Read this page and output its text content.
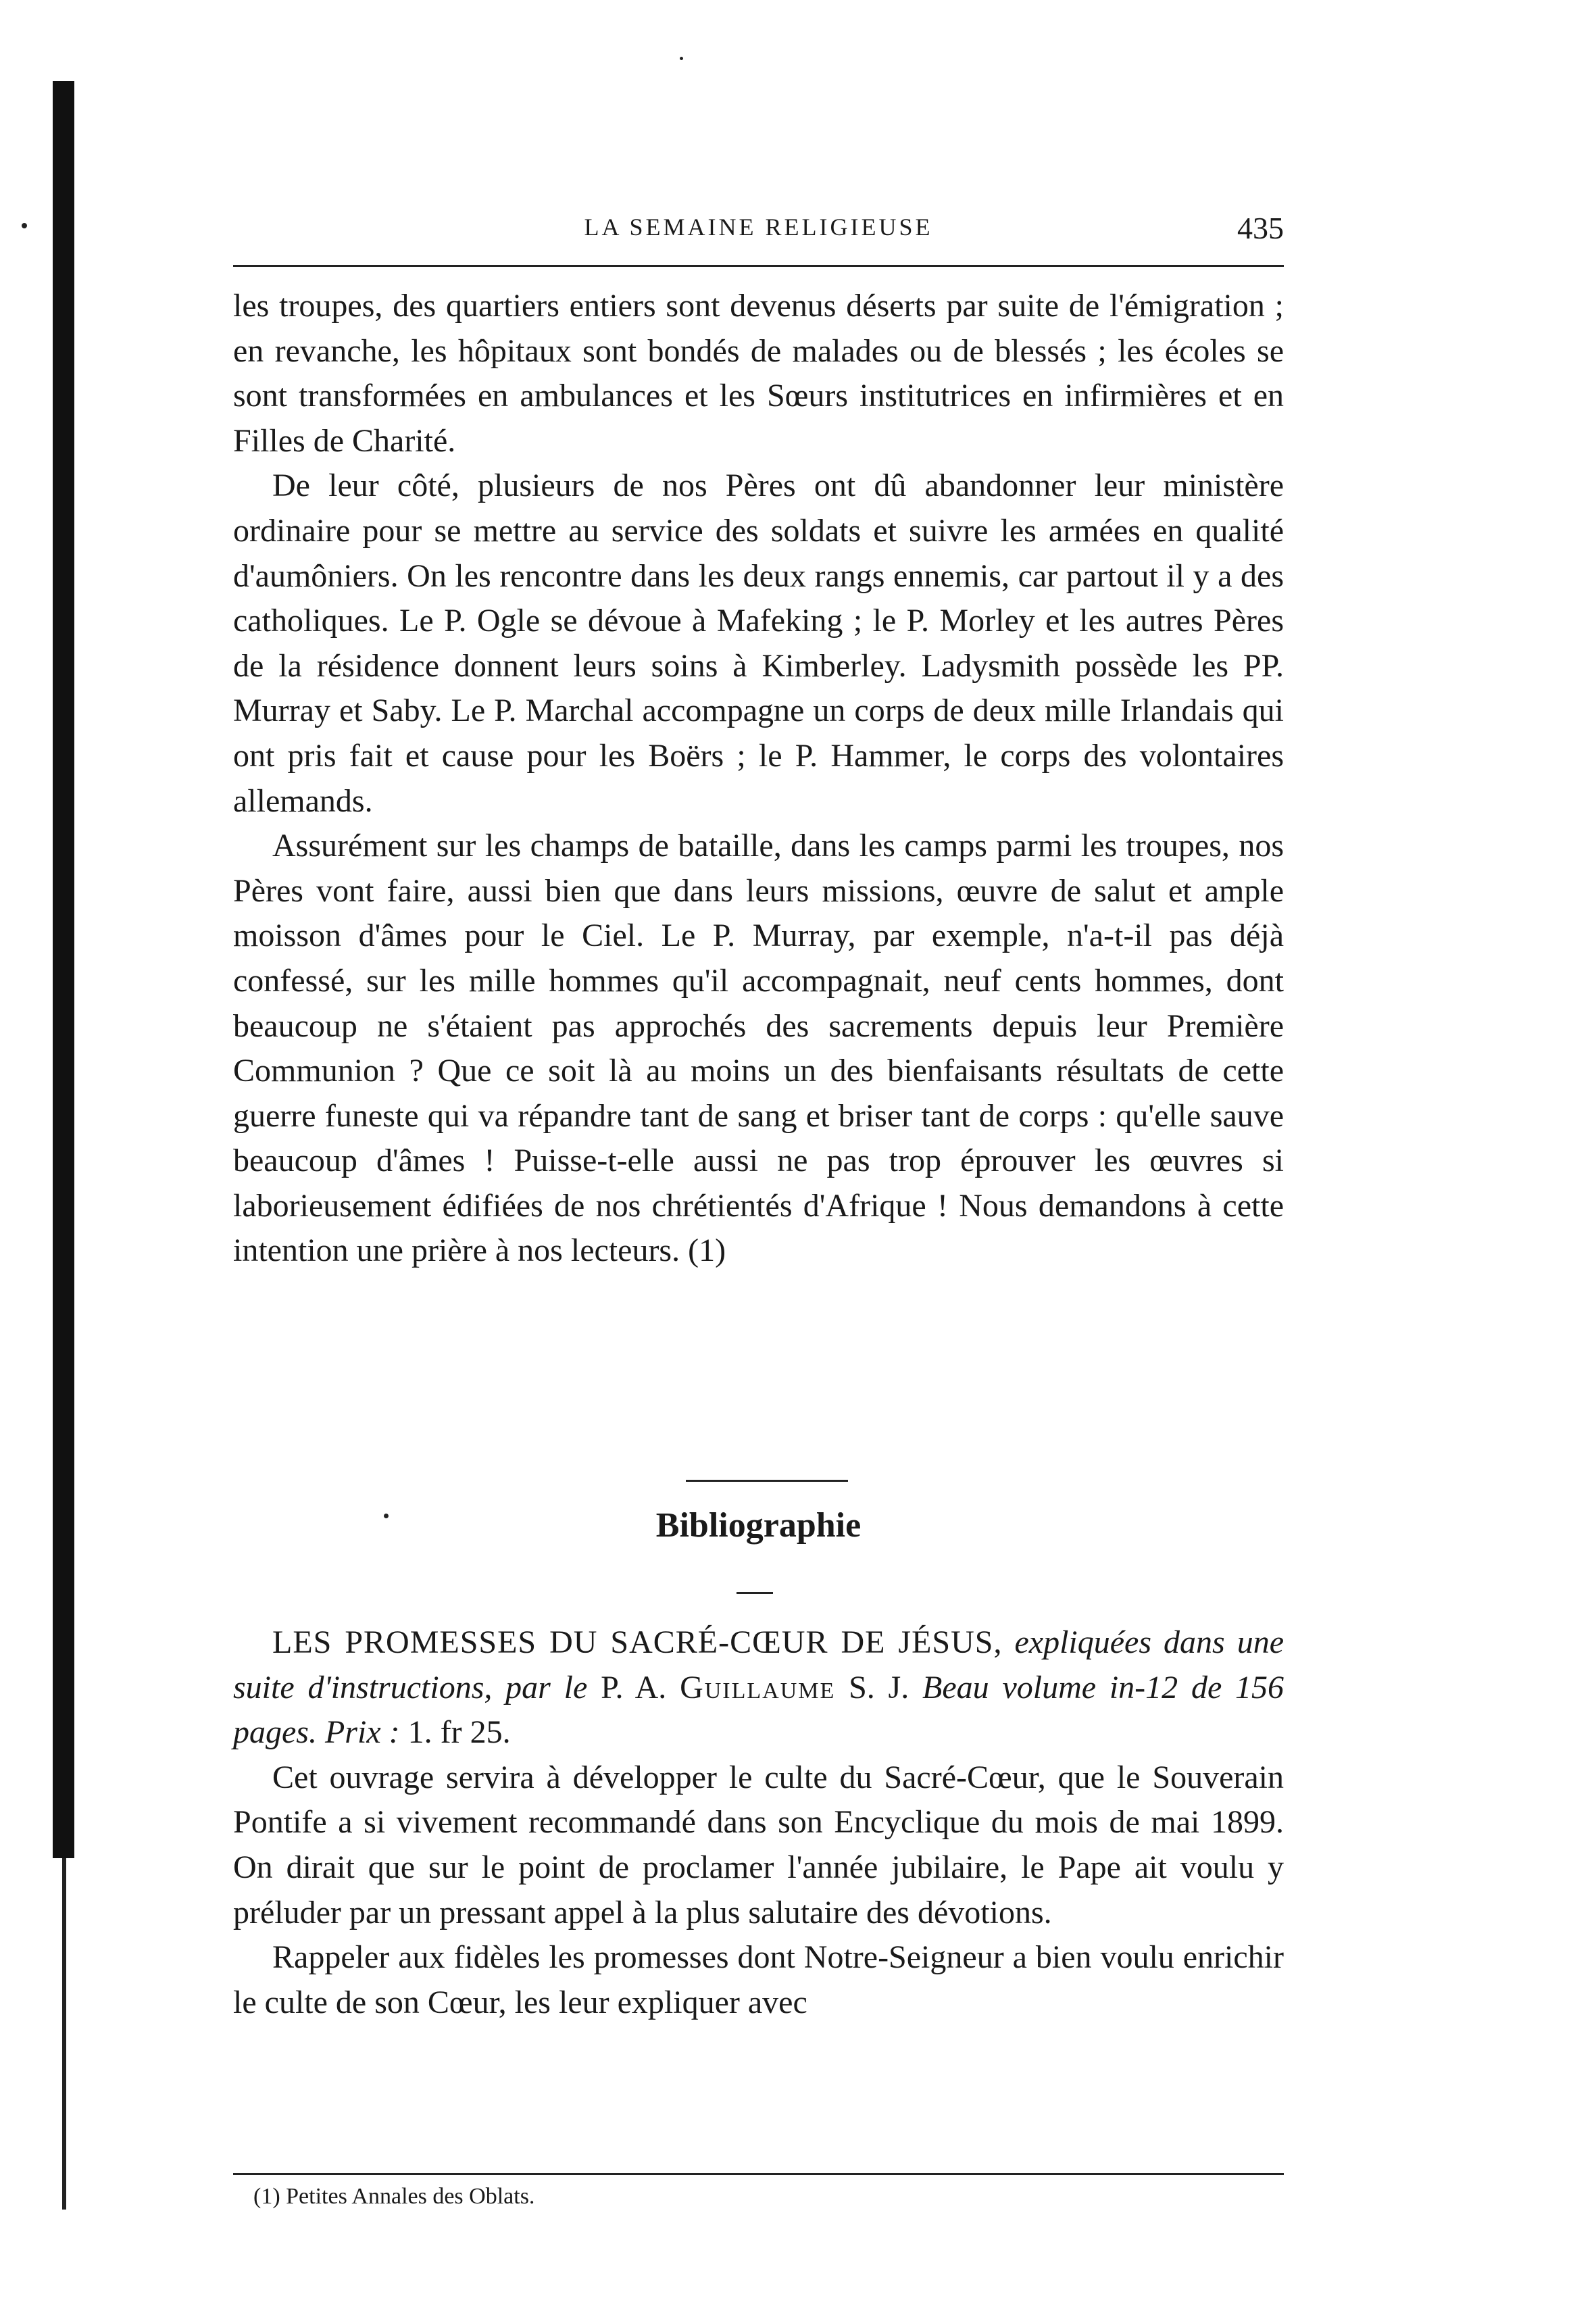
LA SEMAINE RELIGIEUSE	435

les troupes, des quartiers entiers sont devenus déserts par suite de l'émigration ; en revanche, les hôpitaux sont bondés de malades ou de blessés ; les écoles se sont transformées en ambulances et les Sœurs institutrices en infirmières et en Filles de Charité.

De leur côté, plusieurs de nos Pères ont dû abandonner leur ministère ordinaire pour se mettre au service des soldats et suivre les armées en qualité d'aumôniers. On les rencontre dans les deux rangs ennemis, car partout il y a des catholiques. Le P. Ogle se dévoue à Mafeking ; le P. Morley et les autres Pères de la résidence donnent leurs soins à Kimberley. Ladysmith possède les PP. Murray et Saby. Le P. Marchal accompagne un corps de deux mille Irlandais qui ont pris fait et cause pour les Boërs ; le P. Hammer, le corps des volontaires allemands.

Assurément sur les champs de bataille, dans les camps parmi les troupes, nos Pères vont faire, aussi bien que dans leurs missions, œuvre de salut et ample moisson d'âmes pour le Ciel. Le P. Murray, par exemple, n'a-t-il pas déjà confessé, sur les mille hommes qu'il accompagnait, neuf cents hommes, dont beaucoup ne s'étaient pas approchés des sacrements depuis leur Première Communion ? Que ce soit là au moins un des bienfaisants résultats de cette guerre funeste qui va répandre tant de sang et briser tant de corps : qu'elle sauve beaucoup d'âmes ! Puisse-t-elle aussi ne pas trop éprouver les œuvres si laborieusement édifiées de nos chrétientés d'Afrique ! Nous demandons à cette intention une prière à nos lecteurs. (1)

Bibliographie

LES PROMESSES DU SACRÉ-CŒUR DE JÉSUS, expliquées dans une suite d'instructions, par le P. A. Guillaume S. J. Beau volume in-12 de 156 pages. Prix : 1. fr 25.

Cet ouvrage servira à développer le culte du Sacré-Cœur, que le Souverain Pontife a si vivement recommandé dans son Encyclique du mois de mai 1899. On dirait que sur le point de proclamer l'année jubilaire, le Pape ait voulu y préluder par un pressant appel à la plus salutaire des dévotions.

Rappeler aux fidèles les promesses dont Notre-Seigneur a bien voulu enrichir le culte de son Cœur, les leur expliquer avec

(1) Petites Annales des Oblats.
